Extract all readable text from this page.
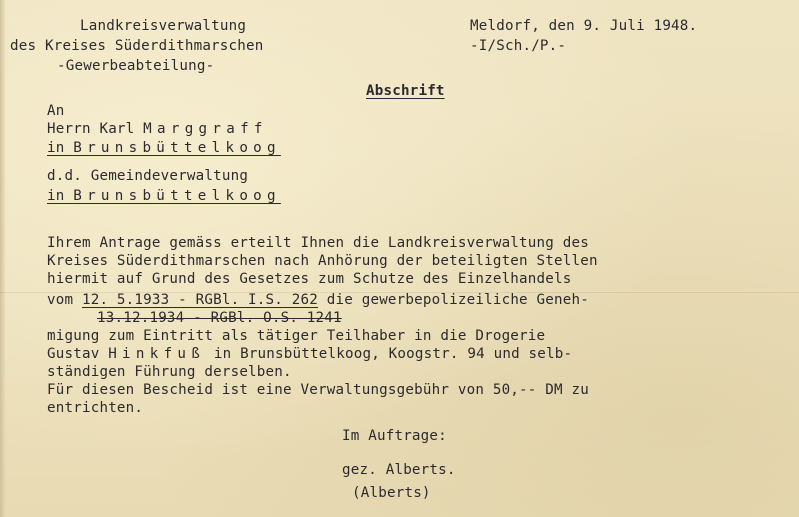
Landkreisverwaltung
des Kreises Süderdithmarschen
-Gewerbeabteilung-
Meldorf, den 9. Juli 1948.
-I/Sch./P.-
Abschrift
An
Herrn Karl Marggraff
in Brunsbüttelkoog
d.d. Gemeindeverwaltung
in Brunsbüttelkoog
Ihrem Antrage gemäss erteilt Ihnen die Landkreisverwaltung des
Kreises Süderdithmarschen nach Anhörung der beteiligten Stellen
hiermit auf Grund des Gesetzes zum Schutze des Einzelhandels
vom 12. 5.1933 - RGBl. I.S. 262 die gewerbepolizeiliche Geneh-
13.12.1934 - RGBl. O.S. 1241
migung zum Eintritt als tätiger Teilhaber in die Drogerie
Gustav Hinkfuß in Brunsbüttelkoog, Koogstr. 94 und selb-
ständigen Führung derselben.
Für diesen Bescheid ist eine Verwaltungsgebühr von 50,-- DM zu
entrichten.
Im Auftrage:
gez. Alberts.
(Alberts)
